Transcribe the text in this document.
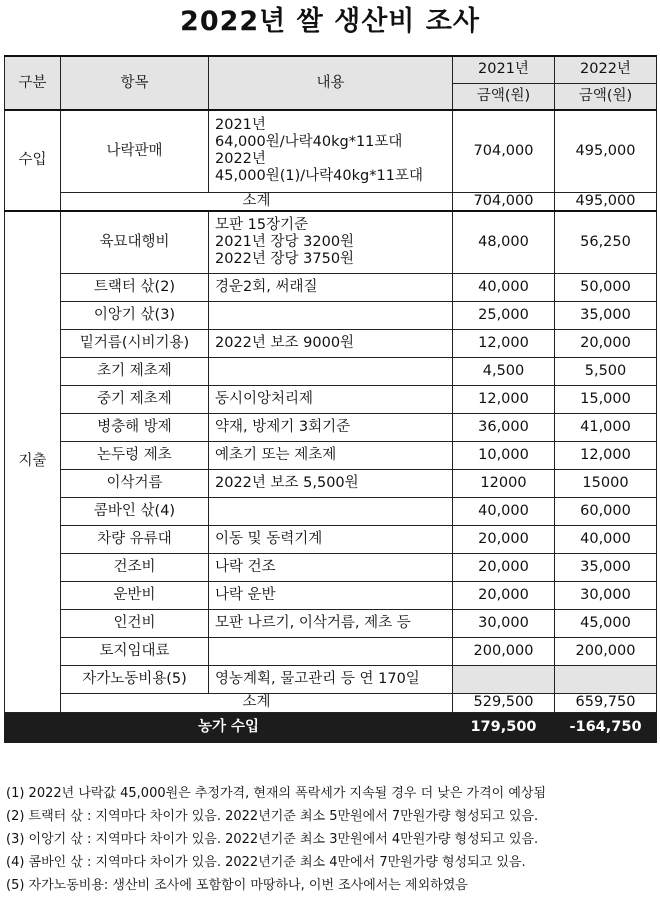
2022년 쌀 생산비 조사
구분	항목	내용	2021년	2022년
			금액(원)	금액(원)
수입	나락판매	2021년
64,000원/나락40kg*11포대
2022년
45,000원(1)/나락40kg*11포대	704,000	495,000
	소계		704,000	495,000
지출	육묘대행비	모판 15장기준
2021년 장당 3200원
2022년 장당 3750원	48,000	56,250
	트랙터 삯(2)	경운2회, 써래질	40,000	50,000
	이앙기 삯(3)		25,000	35,000
	밑거름(시비기용)	2022년 보조 9000원	12,000	20,000
	초기 제초제		4,500	5,500
	중기 제초제	동시이앙처리제	12,000	15,000
	병충해 방제	약재, 방제기 3회기준	36,000	41,000
	논두렁 제초	예초기 또는 제초제	10,000	12,000
	이삭거름	2022년 보조 5,500원	12000	15000
	콤바인 삯(4)		40,000	60,000
	차량 유류대	이동 및 동력기계	20,000	40,000
	건조비	나락 건조	20,000	35,000
	운반비	나락 운반	20,000	30,000
	인건비	모판 나르기, 이삭거름, 제초 등	30,000	45,000
	토지임대료		200,000	200,000
	자가노동비용(5)	영농계획, 물고관리 등 연 170일		

	소계		529,500	659,750
농가 수입			179,500	-164,750
(1) 2022년 나락값 45,000원은 추정가격, 현재의 폭락세가 지속될 경우 더 낮은 가격이 예상됨
(2) 트랙터 삯 : 지역마다 차이가 있음. 2022년기준 최소 5만원에서 7만원가량 형성되고 있음.
(3) 이앙기 삯 : 지역마다 차이가 있음. 2022년기준 최소 3만원에서 4만원가량 형성되고 있음.
(4) 콤바인 삯 : 지역마다 차이가 있음. 2022년기준 최소 4만에서 7만원가량 형성되고 있음.
(5) 자가노동비용: 생산비 조사에 포함함이 마땅하나, 이번 조사에서는 제외하였음
